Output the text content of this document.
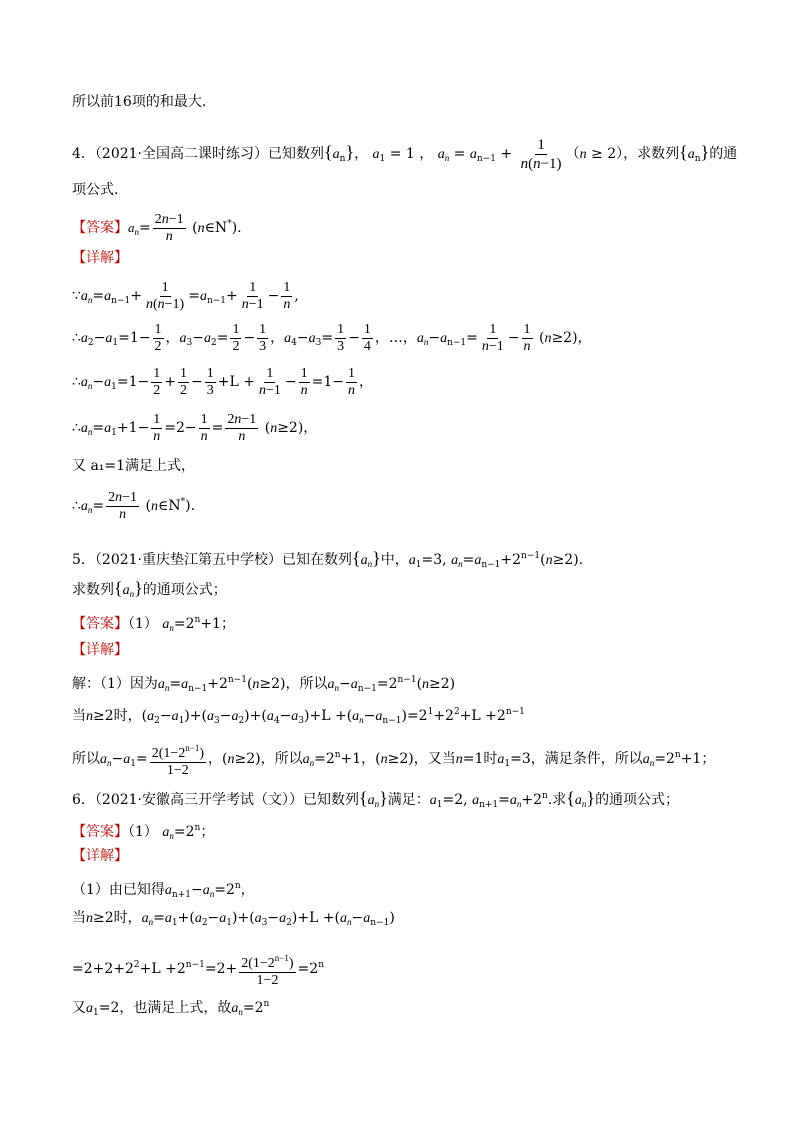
所以前16项的和最大．
4．（2021·全国高二课时练习）已知数列$\{a_n\}$， $a_1 = 1$ ， $a_n = a_{n-1} + \frac{1}{n(n-1)} (n \ge 2)$，求数列$\{a_n\}$的通
项公式．
【答案】$a_n= \frac{2n-1}{n}$ (n∈N*).
【详解】
$\because a_n=a_{n-1}+ \frac{1}{n(n-1)} =a_{n-1}+ \frac{1}{n-1} - \frac{1}{n}$ ,
$\therefore a_2-a_1=1- \frac{1}{2}$ ，$a_3-a_2= \frac{1}{2} - \frac{1}{3}$ ，$a_4-a_3= \frac{1}{3} - \frac{1}{4}$ ，…，$a_n-a_{n-1}= \frac{1}{n-1} - \frac{1}{n} (n\ge 2)$，
$\therefore a_n-a_1=1- \frac{1}{2} + \frac{1}{2} - \frac{1}{3} +L + \frac{1}{n-1} - \frac{1}{n} =1- \frac{1}{n}$ ，
$\therefore a_n=a_1+1- \frac{1}{n} =2- \frac{1}{n} = \frac{2n-1}{n} (n\ge 2)$，
又 a₁=1满足上式，
$\therefore a_n= \frac{2n-1}{n}$ (n∈N*).
5．（2021·重庆垫江第五中学校）已知在数列$\{a_n\}$中，$a_1=3$, $a_n=a_{n-1}+2^{n-1}(n\ge 2)$.
求数列$\{a_n\}$的通项公式；
【答案】（1） $a_n=2^n+1$；
【详解】
解：（1）因为$a_n=a_{n-1}+2^{n-1}(n\ge 2)$，所以$a_n-a_{n-1}=2^{n-1}(n\ge 2)$
当n≥2时，$(a_2-a_1)+(a_3-a_2)+(a_4-a_3)+L +(a_n-a_{n-1})=2^1+2^2+L +2^{n-1}$
所以$a_n-a_1= \frac{2(1-2^{n-1})}{1-2}$ ，(n≥2)，所以$a_n=2^n+1$，(n≥2)，又当n=1时$a_1=3$，满足条件，所以$a_n=2^n+1$；
6．（2021·安徽高三开学考试（文））已知数列$\{a_n\}$满足：$a_1=2$, $a_{n+1}=a_n+2^n$.求$\{a_n\}$的通项公式；
【答案】（1） $a_n=2^n$；
【详解】
（1）由已知得$a_{n+1}-a_n=2^n$，
当n≥2时，$a_n=a_1+(a_2-a_1)+(a_3-a_2)+L +(a_n-a_{n-1})$
$=2+2+2^2+L +2^{n-1}=2+ \frac{2(1-2^{n-1})}{1-2} =2^n$
又$a_1=2$，也满足上式，故$a_n=2^n$
